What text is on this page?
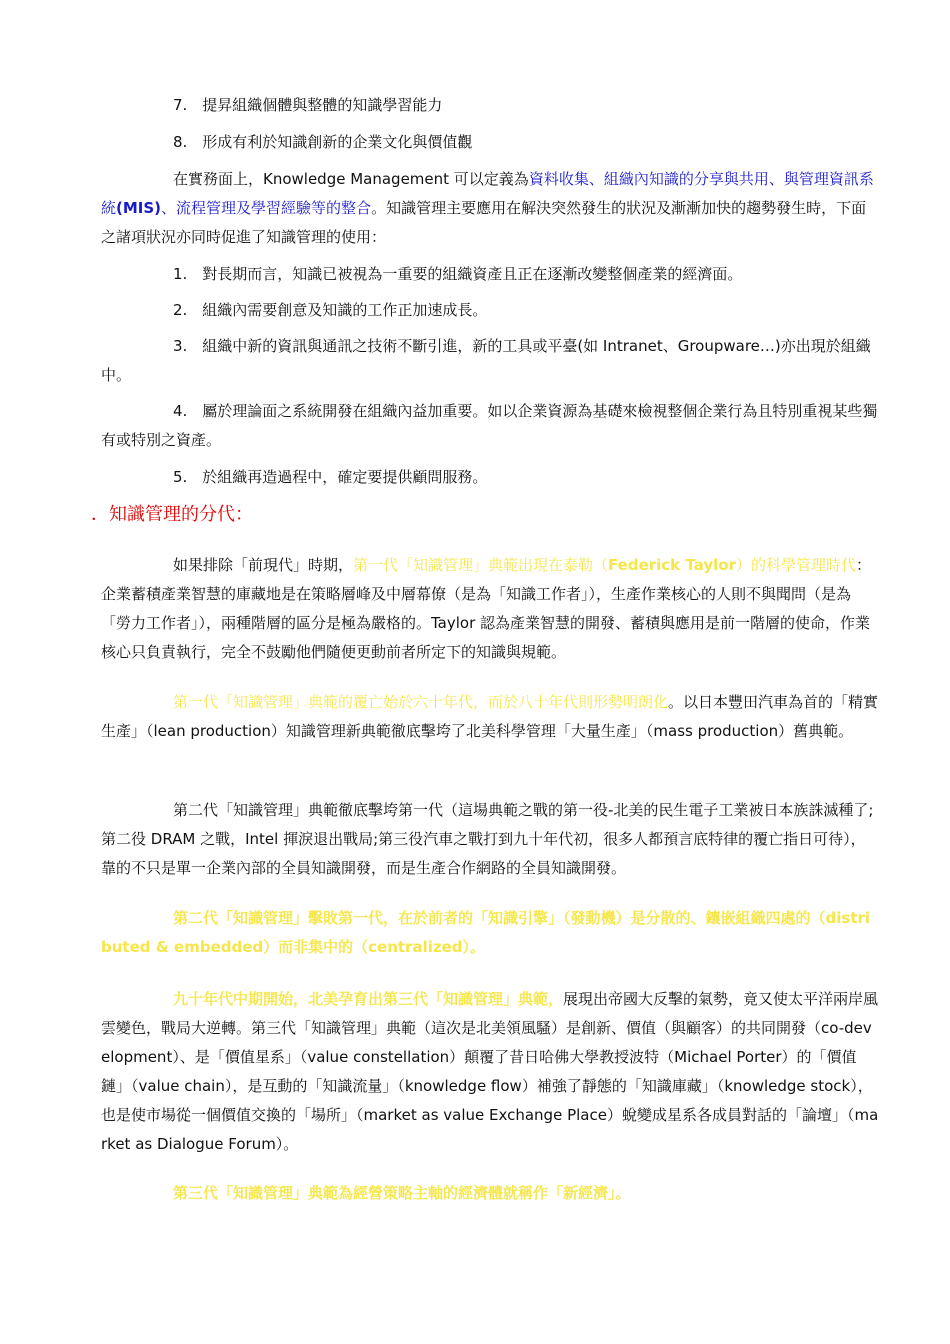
7.　提昇組織個體與整體的知識學習能力

8.　形成有利於知識創新的企業文化與價值觀

在實務面上，Knowledge Management 可以定義為資料收集、組織內知識的分享與共用、與管理資訊系統(MIS)、流程管理及學習經驗等的整合。知識管理主要應用在解決突然發生的狀況及漸漸加快的趨勢發生時，下面之諸項狀況亦同時促進了知識管理的使用：

1.　對長期而言，知識已被視為一重要的組織資產且正在逐漸改變整個產業的經濟面。

2.　組織內需要創意及知識的工作正加速成長。

3.　組織中新的資訊與通訊之技術不斷引進，新的工具或平臺(如 Intranet、Groupware…)亦出現於組織中。

4.　屬於理論面之系統開發在組織內益加重要。如以企業資源為基礎來檢視整個企業行為且特別重視某些獨有或特別之資產。

5.　於組織再造過程中，確定要提供顧問服務。

．知識管理的分代：

如果排除「前現代」時期，第一代「知識管理」典範出現在泰勒（Federick Taylor）的科學管理時代：企業蓄積產業智慧的庫藏地是在策略層峰及中層幕僚（是為「知識工作者」），生產作業核心的人則不與聞問（是為「勞力工作者」），兩種階層的區分是極為嚴格的。Taylor 認為產業智慧的開發、蓄積與應用是前一階層的使命，作業核心只負責執行，完全不鼓勵他們隨便更動前者所定下的知識與規範。

第一代「知識管理」典範的覆亡始於六十年代，而於八十年代則形勢明朗化。以日本豐田汽車為首的「精實生產」（lean production）知識管理新典範徹底擊垮了北美科學管理「大量生產」（mass production）舊典範。

第二代「知識管理」典範徹底擊垮第一代（這場典範之戰的第一役-北美的民生電子工業被日本族誅滅種了;第二役 DRAM 之戰，Intel 揮淚退出戰局;第三役汽車之戰打到九十年代初，很多人都預言底特律的覆亡指日可待），靠的不只是單一企業內部的全員知識開發，而是生產合作網路的全員知識開發。

第二代「知識管理」擊敗第一代，在於前者的「知識引擎」（發動機）是分散的、鑲嵌組織四處的（distributed & embedded）而非集中的（centralized）。

九十年代中期開始，北美孕育出第三代「知識管理」典範，展現出帝國大反擊的氣勢，竟又使太平洋兩岸風雲變色，戰局大逆轉。第三代「知識管理」典範（這次是北美領風騷）是創新、價值（與顧客）的共同開發（co-development）、是「價值星系」（value constellation）顛覆了昔日哈佛大學教授波特（Michael Porter）的「價值鏈」（value chain），是互動的「知識流量」（knowledge flow）補強了靜態的「知識庫藏」（knowledge stock），也是使市場從一個價值交換的「場所」（market as value Exchange Place）蛻變成星系各成員對話的「論壇」（market as Dialogue Forum）。

第三代「知識管理」典範為經營策略主軸的經濟體就稱作「新經濟」。
